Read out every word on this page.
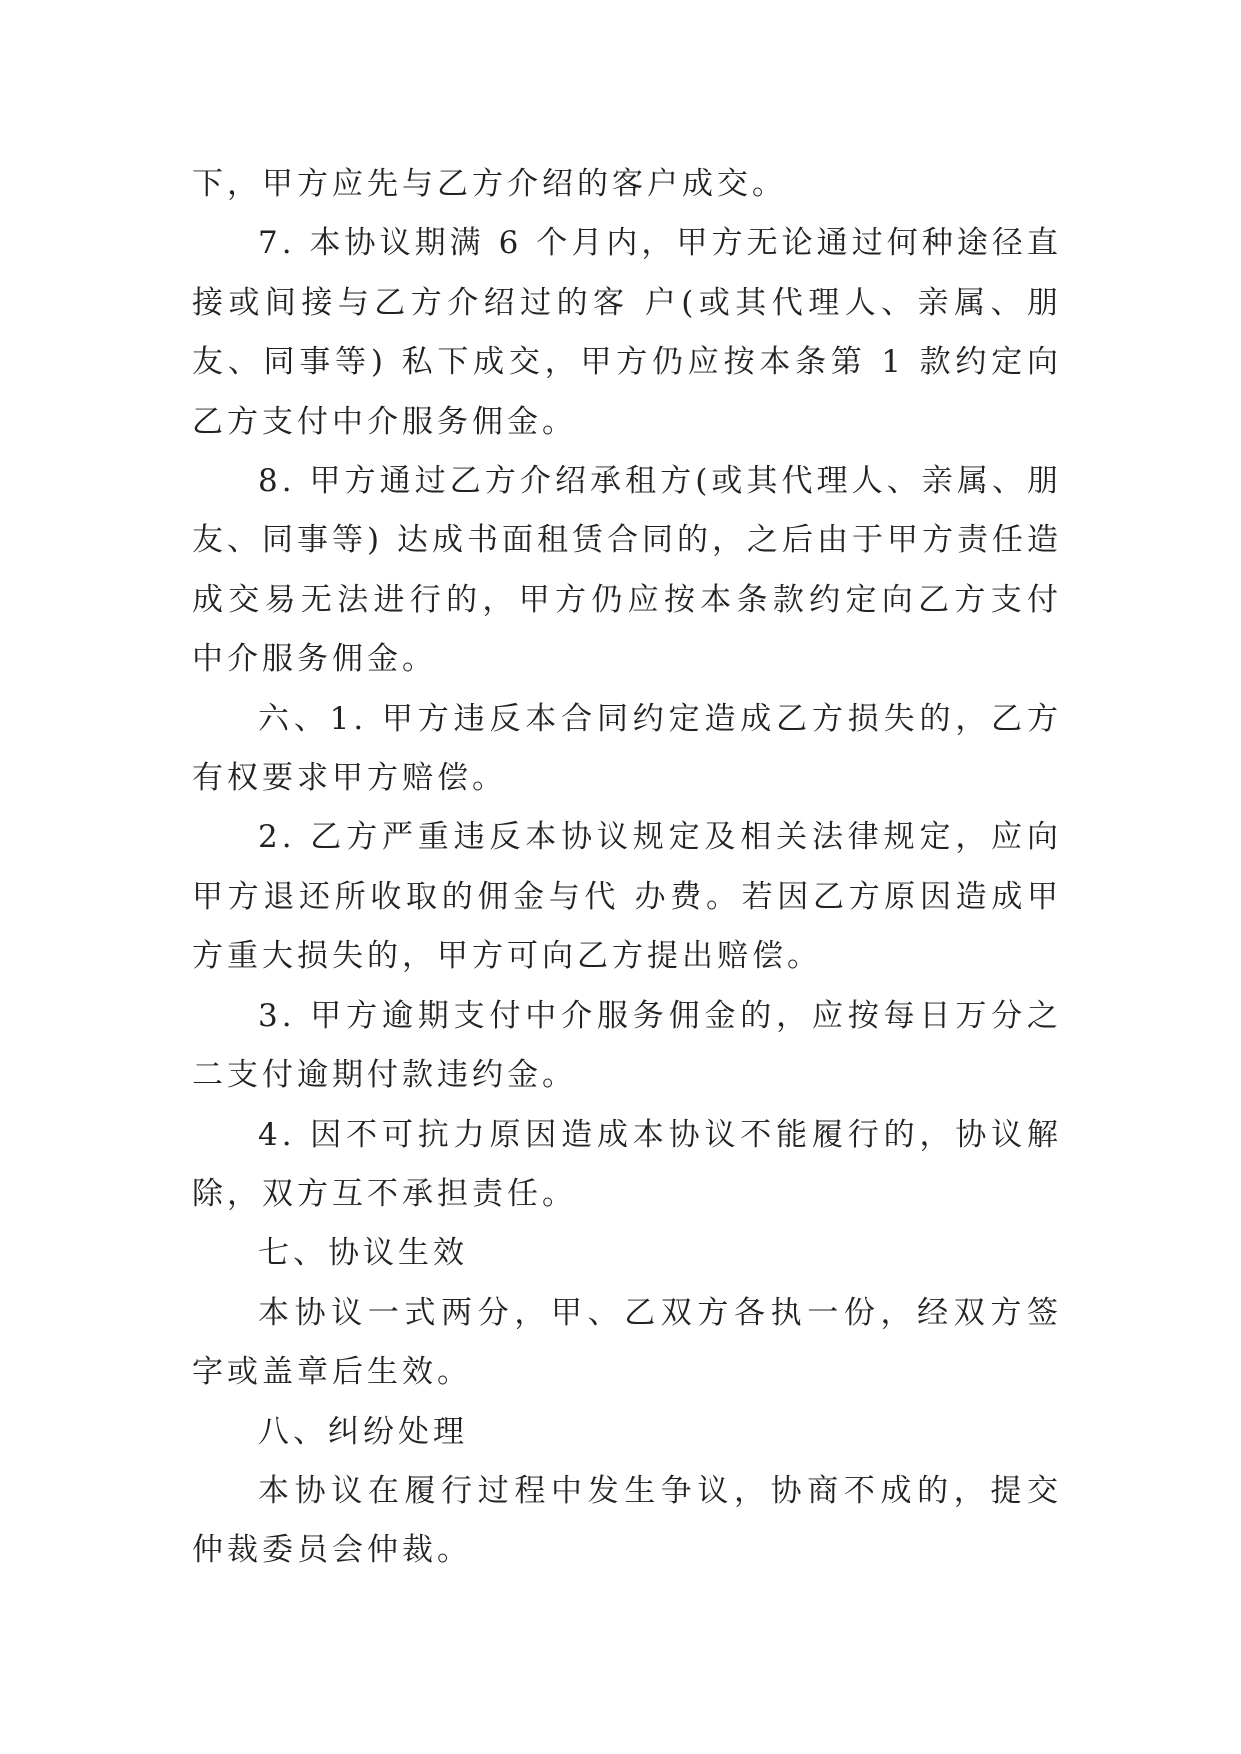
下，甲方应先与乙方介绍的客户成交。

7. 本协议期满 6 个月内，甲方无论通过何种途径直接或间接与乙方介绍过的客 户(或其代理人、亲属、朋友、同事等) 私下成交，甲方仍应按本条第 1 款约定向乙方支付中介服务佣金。

8. 甲方通过乙方介绍承租方(或其代理人、亲属、朋友、同事等) 达成书面租赁合同的，之后由于甲方责任造成交易无法进行的，甲方仍应按本条款约定向乙方支付中介服务佣金。

六、1. 甲方违反本合同约定造成乙方损失的，乙方有权要求甲方赔偿。

2. 乙方严重违反本协议规定及相关法律规定，应向甲方退还所收取的佣金与代 办费。若因乙方原因造成甲方重大损失的，甲方可向乙方提出赔偿。

3. 甲方逾期支付中介服务佣金的，应按每日万分之二支付逾期付款违约金。

4. 因不可抗力原因造成本协议不能履行的，协议解除，双方互不承担责任。

七、协议生效

本协议一式两分，甲、乙双方各执一份，经双方签字或盖章后生效。

八、纠纷处理

本协议在履行过程中发生争议，协商不成的，提交仲裁委员会仲裁。
